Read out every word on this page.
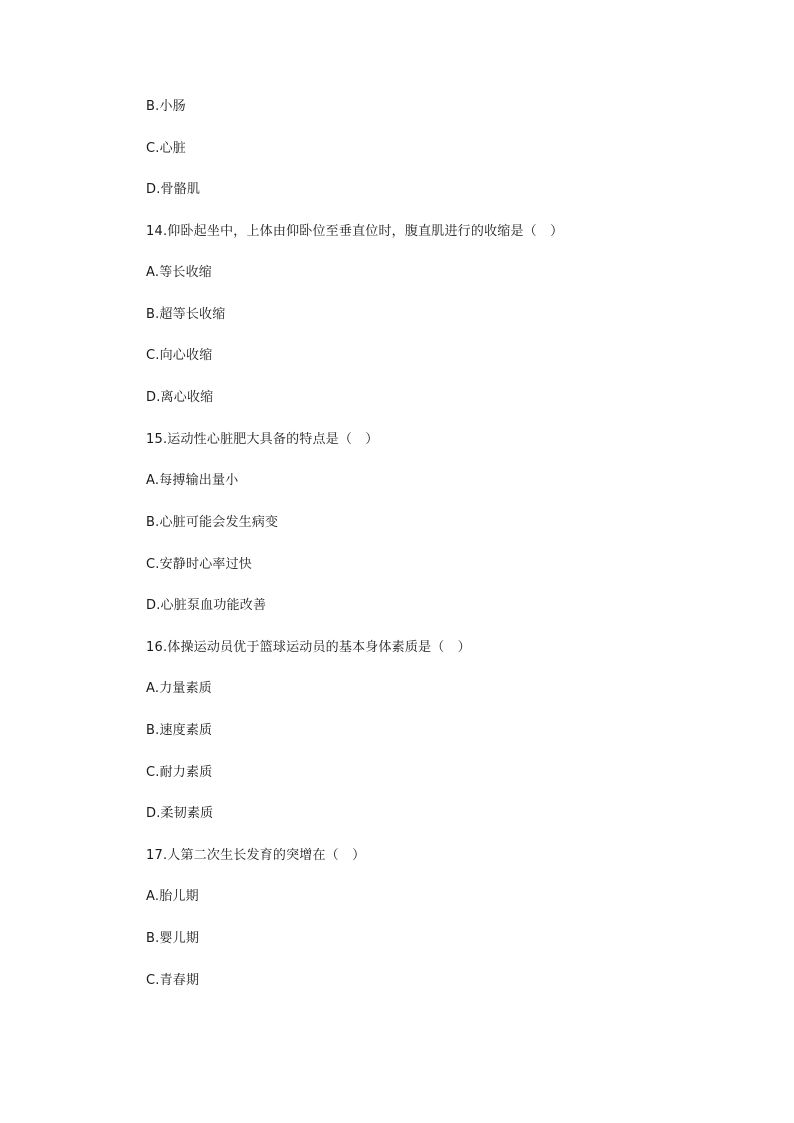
B.小肠
C.心脏
D.骨骼肌
14.仰卧起坐中，上体由仰卧位至垂直位时，腹直肌进行的收缩是（　）
A.等长收缩
B.超等长收缩
C.向心收缩
D.离心收缩
15.运动性心脏肥大具备的特点是（　）
A.每搏输出量小
B.心脏可能会发生病变
C.安静时心率过快
D.心脏泵血功能改善
16.体操运动员优于篮球运动员的基本身体素质是（　）
A.力量素质
B.速度素质
C.耐力素质
D.柔韧素质
17.人第二次生长发育的突增在（　）
A.胎儿期
B.婴儿期
C.青春期
